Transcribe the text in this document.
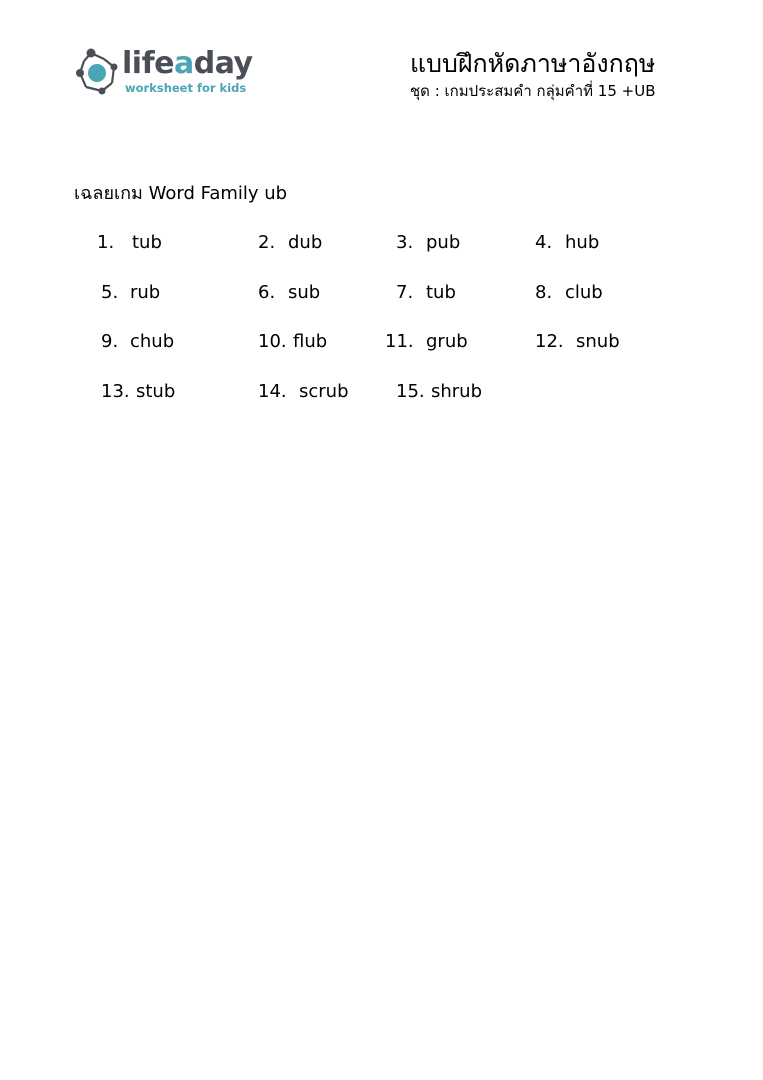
lifeaday
worksheet for kids
แบบฝึกหัดภาษาอังกฤษ
ชุด : เกมประสมคำ กลุ่มคำที่ 15 +UB
เฉลยเกม Word Family ub
1. tub	2. dub	3. pub	4. hub
5. rub	6. sub	7. tub	8. club
9. chub	10. flub	11. grub	12. snub
13. stub	14. scrub	15. shrub
